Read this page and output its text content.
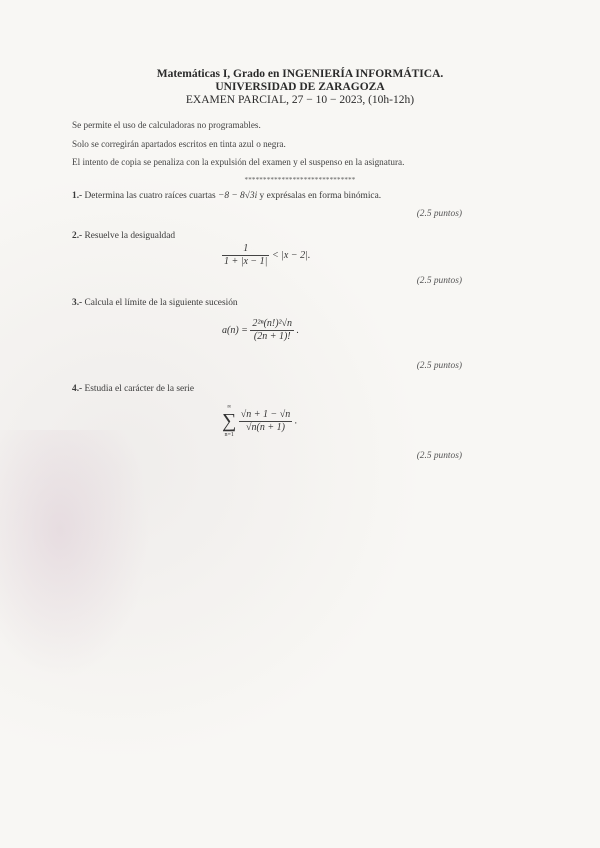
Matemáticas I, Grado en INGENIERÍA INFORMÁTICA.
UNIVERSIDAD DE ZARAGOZA
EXAMEN PARCIAL, 27 − 10 − 2023, (10h-12h)

Se permite el uso de calculadoras no programables.

Solo se corregirán apartados escritos en tinta azul o negra.

El intento de copia se penaliza con la expulsión del examen y el suspenso en la asignatura.

******************************
1.- Determina las cuatro raíces cuartas −8 − 8√3i y exprésalas en forma binómica.
(2.5 puntos)
2.- Resuelve la desigualdad
$\frac{1}{1 + |x - 1|} < |x - 2|$.
(2.5 puntos)
3.- Calcula el límite de la siguiente sucesión
$a(n) = \frac{\text{2²ⁿ(n!)²√n}}{(2n + 1)!}$ .
(2.5 puntos)
4.- Estudia el carácter de la serie
∞
∑
n=1

$\frac{√n + 1 - √n}{√n(n + 1)}$ .
(2.5 puntos)
